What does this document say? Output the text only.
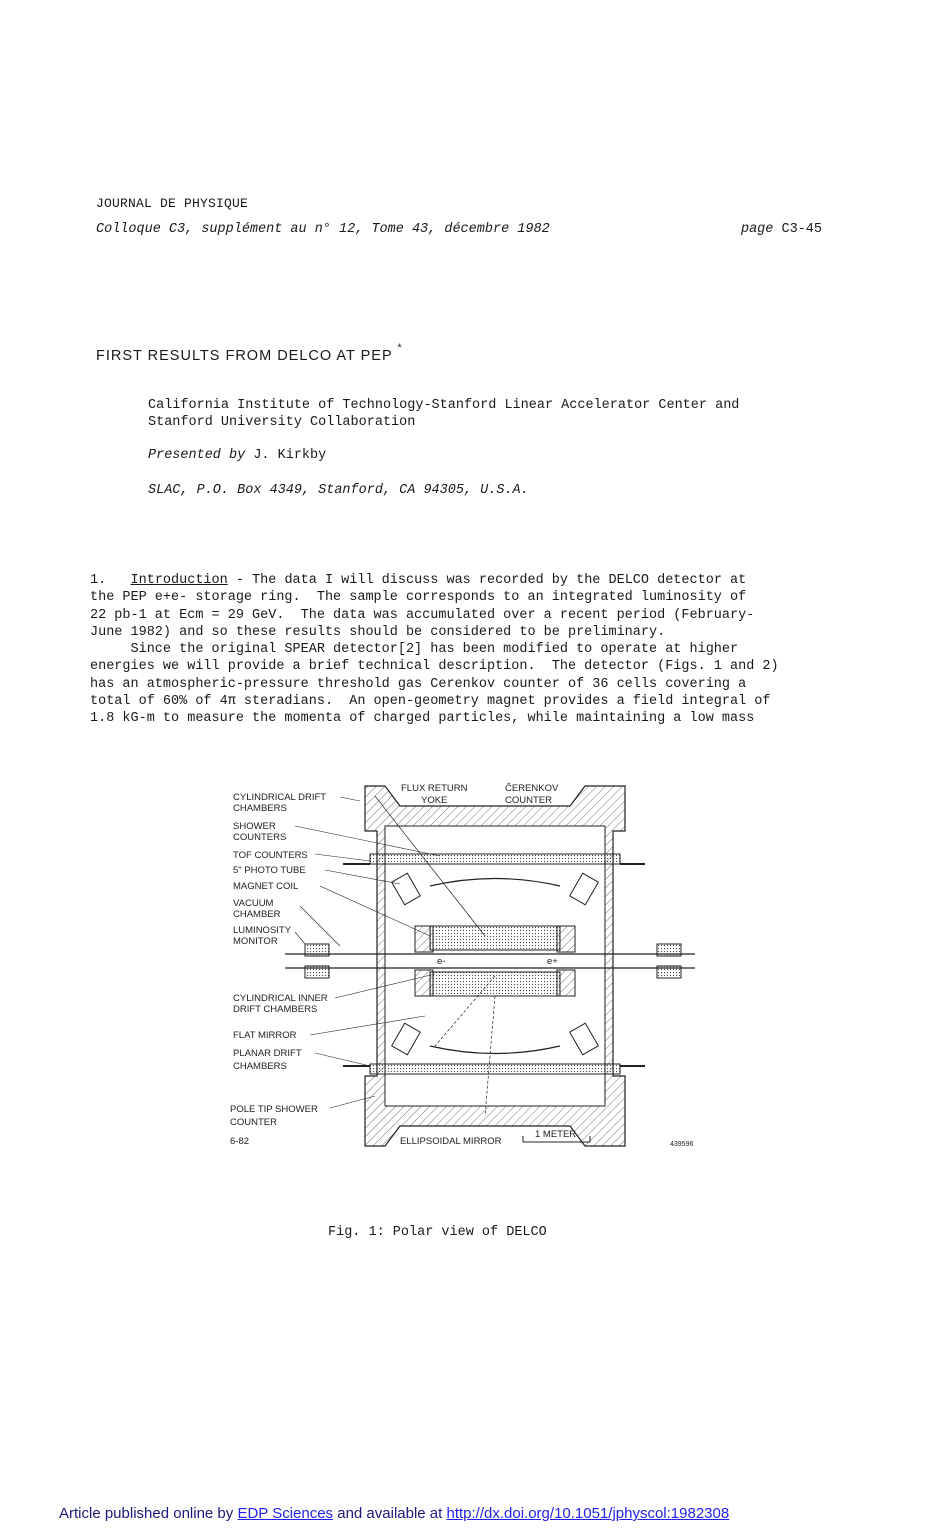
JOURNAL DE PHYSIQUE
Colloque C3, supplément au n° 12, Tome 43, décembre 1982	page C3-45
FIRST RESULTS FROM DELCO AT PEP *
California Institute of Technology-Stanford Linear Accelerator Center and
Stanford University Collaboration
Presented by J. Kirkby
SLAC, P.O. Box 4349, Stanford, CA 94305, U.S.A.

1. Introduction - The data I will discuss was recorded by the DELCO detector at

the PEP e+e- storage ring.  The sample corresponds to an integrated luminosity of

22 pb-1 at Ecm = 29 GeV.  The data was accumulated over a recent period (February-

June 1982) and so these results should be considered to be preliminary.

Since the original SPEAR detector[2] has been modified to operate at higher

energies we will provide a brief technical description.  The detector (Figs. 1 and 2)

has an atmospheric-pressure threshold gas Cerenkov counter of 36 cells covering a

total of 60% of 4π steradians.  An open-geometry magnet provides a field integral of

1.8 kG-m to measure the momenta of charged particles, while maintaining a low mass

e-	e+
CYLINDRICAL DRIFT
CHAMBERS
SHOWER
COUNTERS
TOF COUNTERS
5" PHOTO TUBE
MAGNET COIL
VACUUM
CHAMBER
LUMINOSITY
MONITOR
CYLINDRICAL INNER
DRIFT CHAMBERS
FLAT MIRROR
PLANAR DRIFT
CHAMBERS
POLE TIP SHOWER
COUNTER
6-82
FLUX RETURN
YOKE
ČERENKOV
COUNTER
ELLIPSOIDAL MIRROR
1 METER
439596
Fig. 1: Polar view of DELCO
Article published online by EDP Sciences and available at http://dx.doi.org/10.1051/jphyscol:1982308
